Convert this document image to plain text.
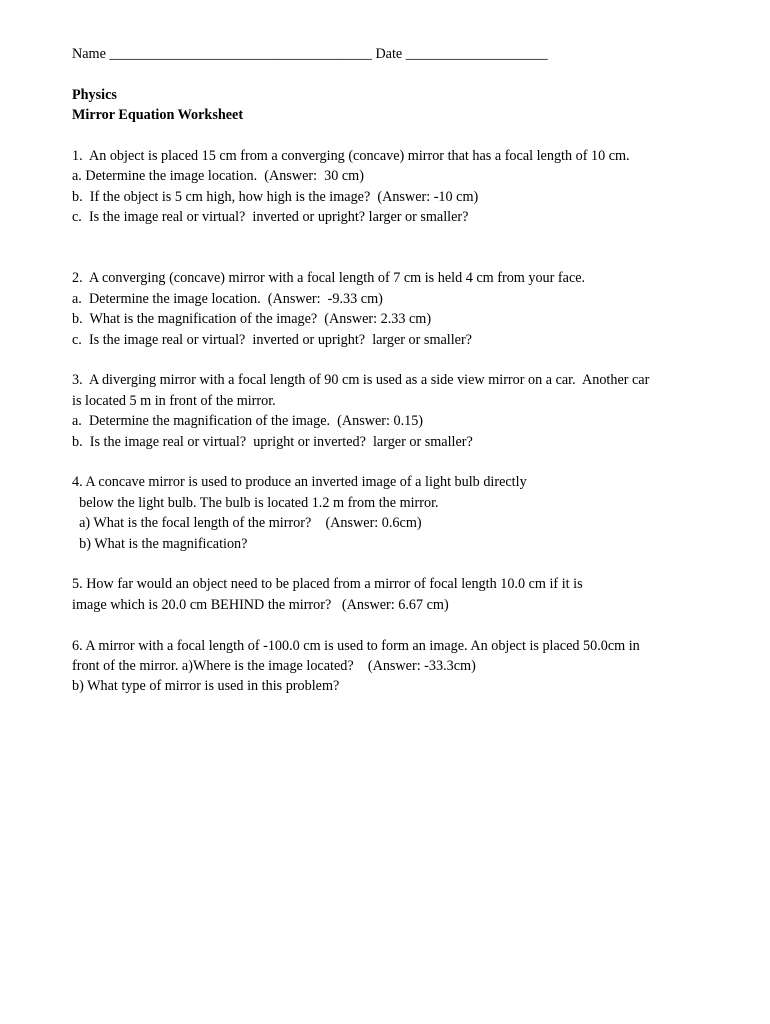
Name _____________________________________ Date ____________________
Physics
Mirror Equation Worksheet
1.  An object is placed 15 cm from a converging (concave) mirror that has a focal length of 10 cm.
a. Determine the image location.  (Answer:  30 cm)
b.  If the object is 5 cm high, how high is the image?  (Answer: -10 cm)
c.  Is the image real or virtual?  inverted or upright? larger or smaller?
2.  A converging (concave) mirror with a focal length of 7 cm is held 4 cm from your face.
a.  Determine the image location.  (Answer:  -9.33 cm)
b.  What is the magnification of the image?  (Answer: 2.33 cm)
c.  Is the image real or virtual?  inverted or upright?  larger or smaller?
3.  A diverging mirror with a focal length of 90 cm is used as a side view mirror on a car.  Another car
is located 5 m in front of the mirror.
a.  Determine the magnification of the image.  (Answer: 0.15)
b.  Is the image real or virtual?  upright or inverted?  larger or smaller?
4. A concave mirror is used to produce an inverted image of a light bulb directly
below the light bulb. The bulb is located 1.2 m from the mirror.
a) What is the focal length of the mirror?    (Answer: 0.6cm)
b) What is the magnification?
5. How far would an object need to be placed from a mirror of focal length 10.0 cm if it is
image which is 20.0 cm BEHIND the mirror?   (Answer: 6.67 cm)
6. A mirror with a focal length of -100.0 cm is used to form an image. An object is placed 50.0cm in
front of the mirror. a)Where is the image located?    (Answer: -33.3cm)
b) What type of mirror is used in this problem?
